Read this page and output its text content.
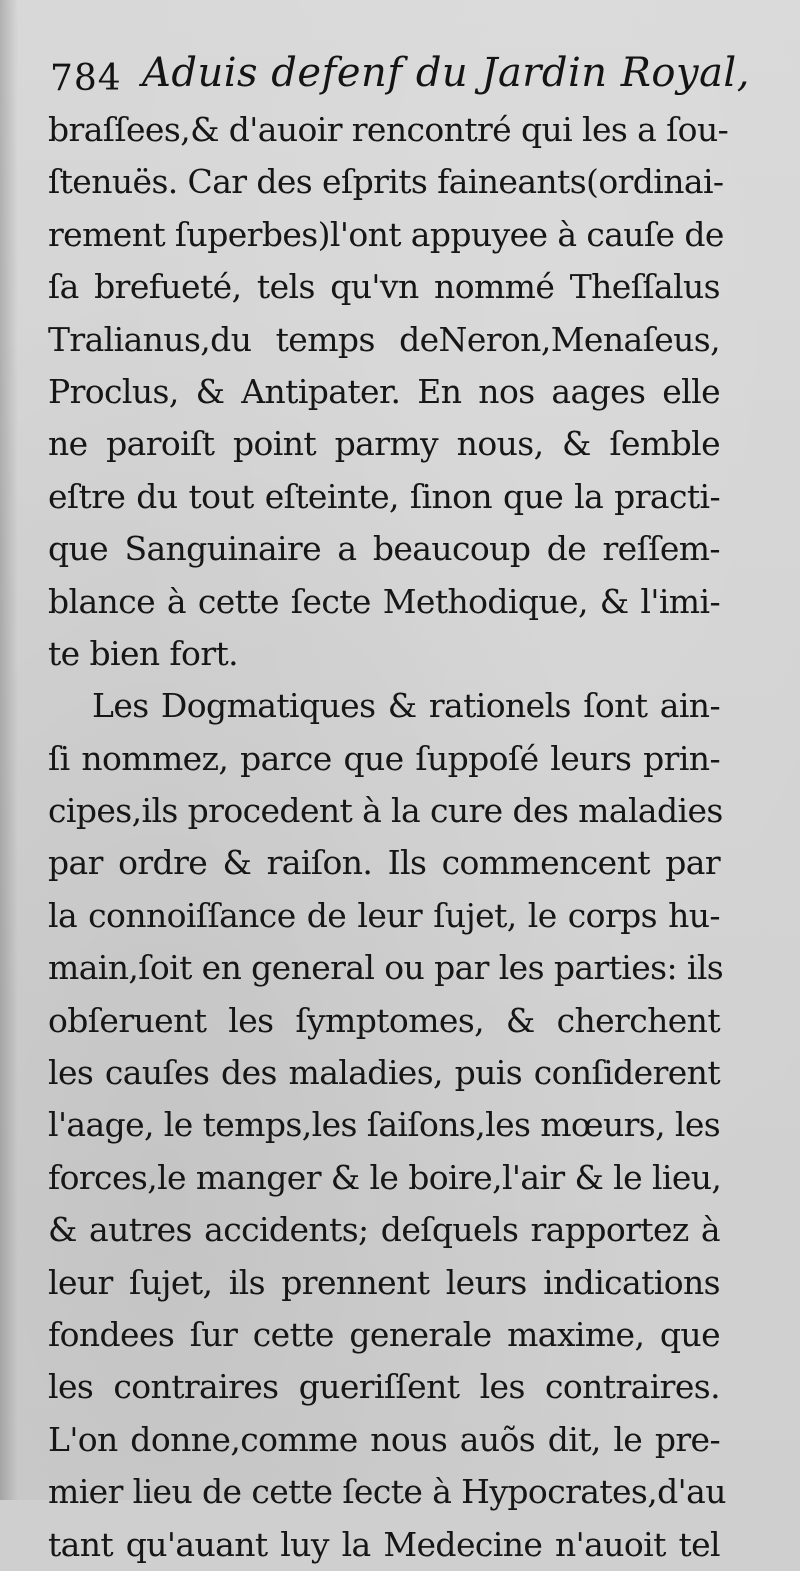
784 Aduis defenf du Jardin Royal,
braſſees,& d'auoir rencontré qui les a ſou-
ſtenuës. Car des eſprits faineants(ordinai-
rement ſuperbes)l'ont appuyee à cauſe de
ſa brefueté, tels qu'vn nommé Theſſalus
Tralianus,du temps deNeron,Menaſeus,
Proclus, & Antipater. En nos aages elle
ne paroiſt point parmy nous, & ſemble
eſtre du tout eſteinte, ſinon que la practi-
que Sanguinaire a beaucoup de reſſem-
blance à cette ſecte Methodique, & l'imi-
te bien fort.
Les Dogmatiques & rationels ſont ain-
ſi nommez, parce que ſuppoſé leurs prin-
cipes,ils procedent à la cure des maladies
par ordre & raiſon. Ils commencent par
la connoiſſance de leur ſujet, le corps hu-
main,ſoit en general ou par les parties: ils
obſeruent les ſymptomes, & cherchent
les cauſes des maladies, puis conſiderent
l'aage, le temps,les ſaiſons,les mœurs, les
forces,le manger & le boire,l'air & le lieu,
& autres accidents; deſquels rapportez à
leur ſujet, ils prennent leurs indications
fondees ſur cette generale maxime, que
les contraires gueriſſent les contraires.
L'on donne,comme nous auõs dit, le pre-
mier lieu de cette ſecte à Hypocrates,d'au
tant qu'auant luy la Medecine n'auoit tel
